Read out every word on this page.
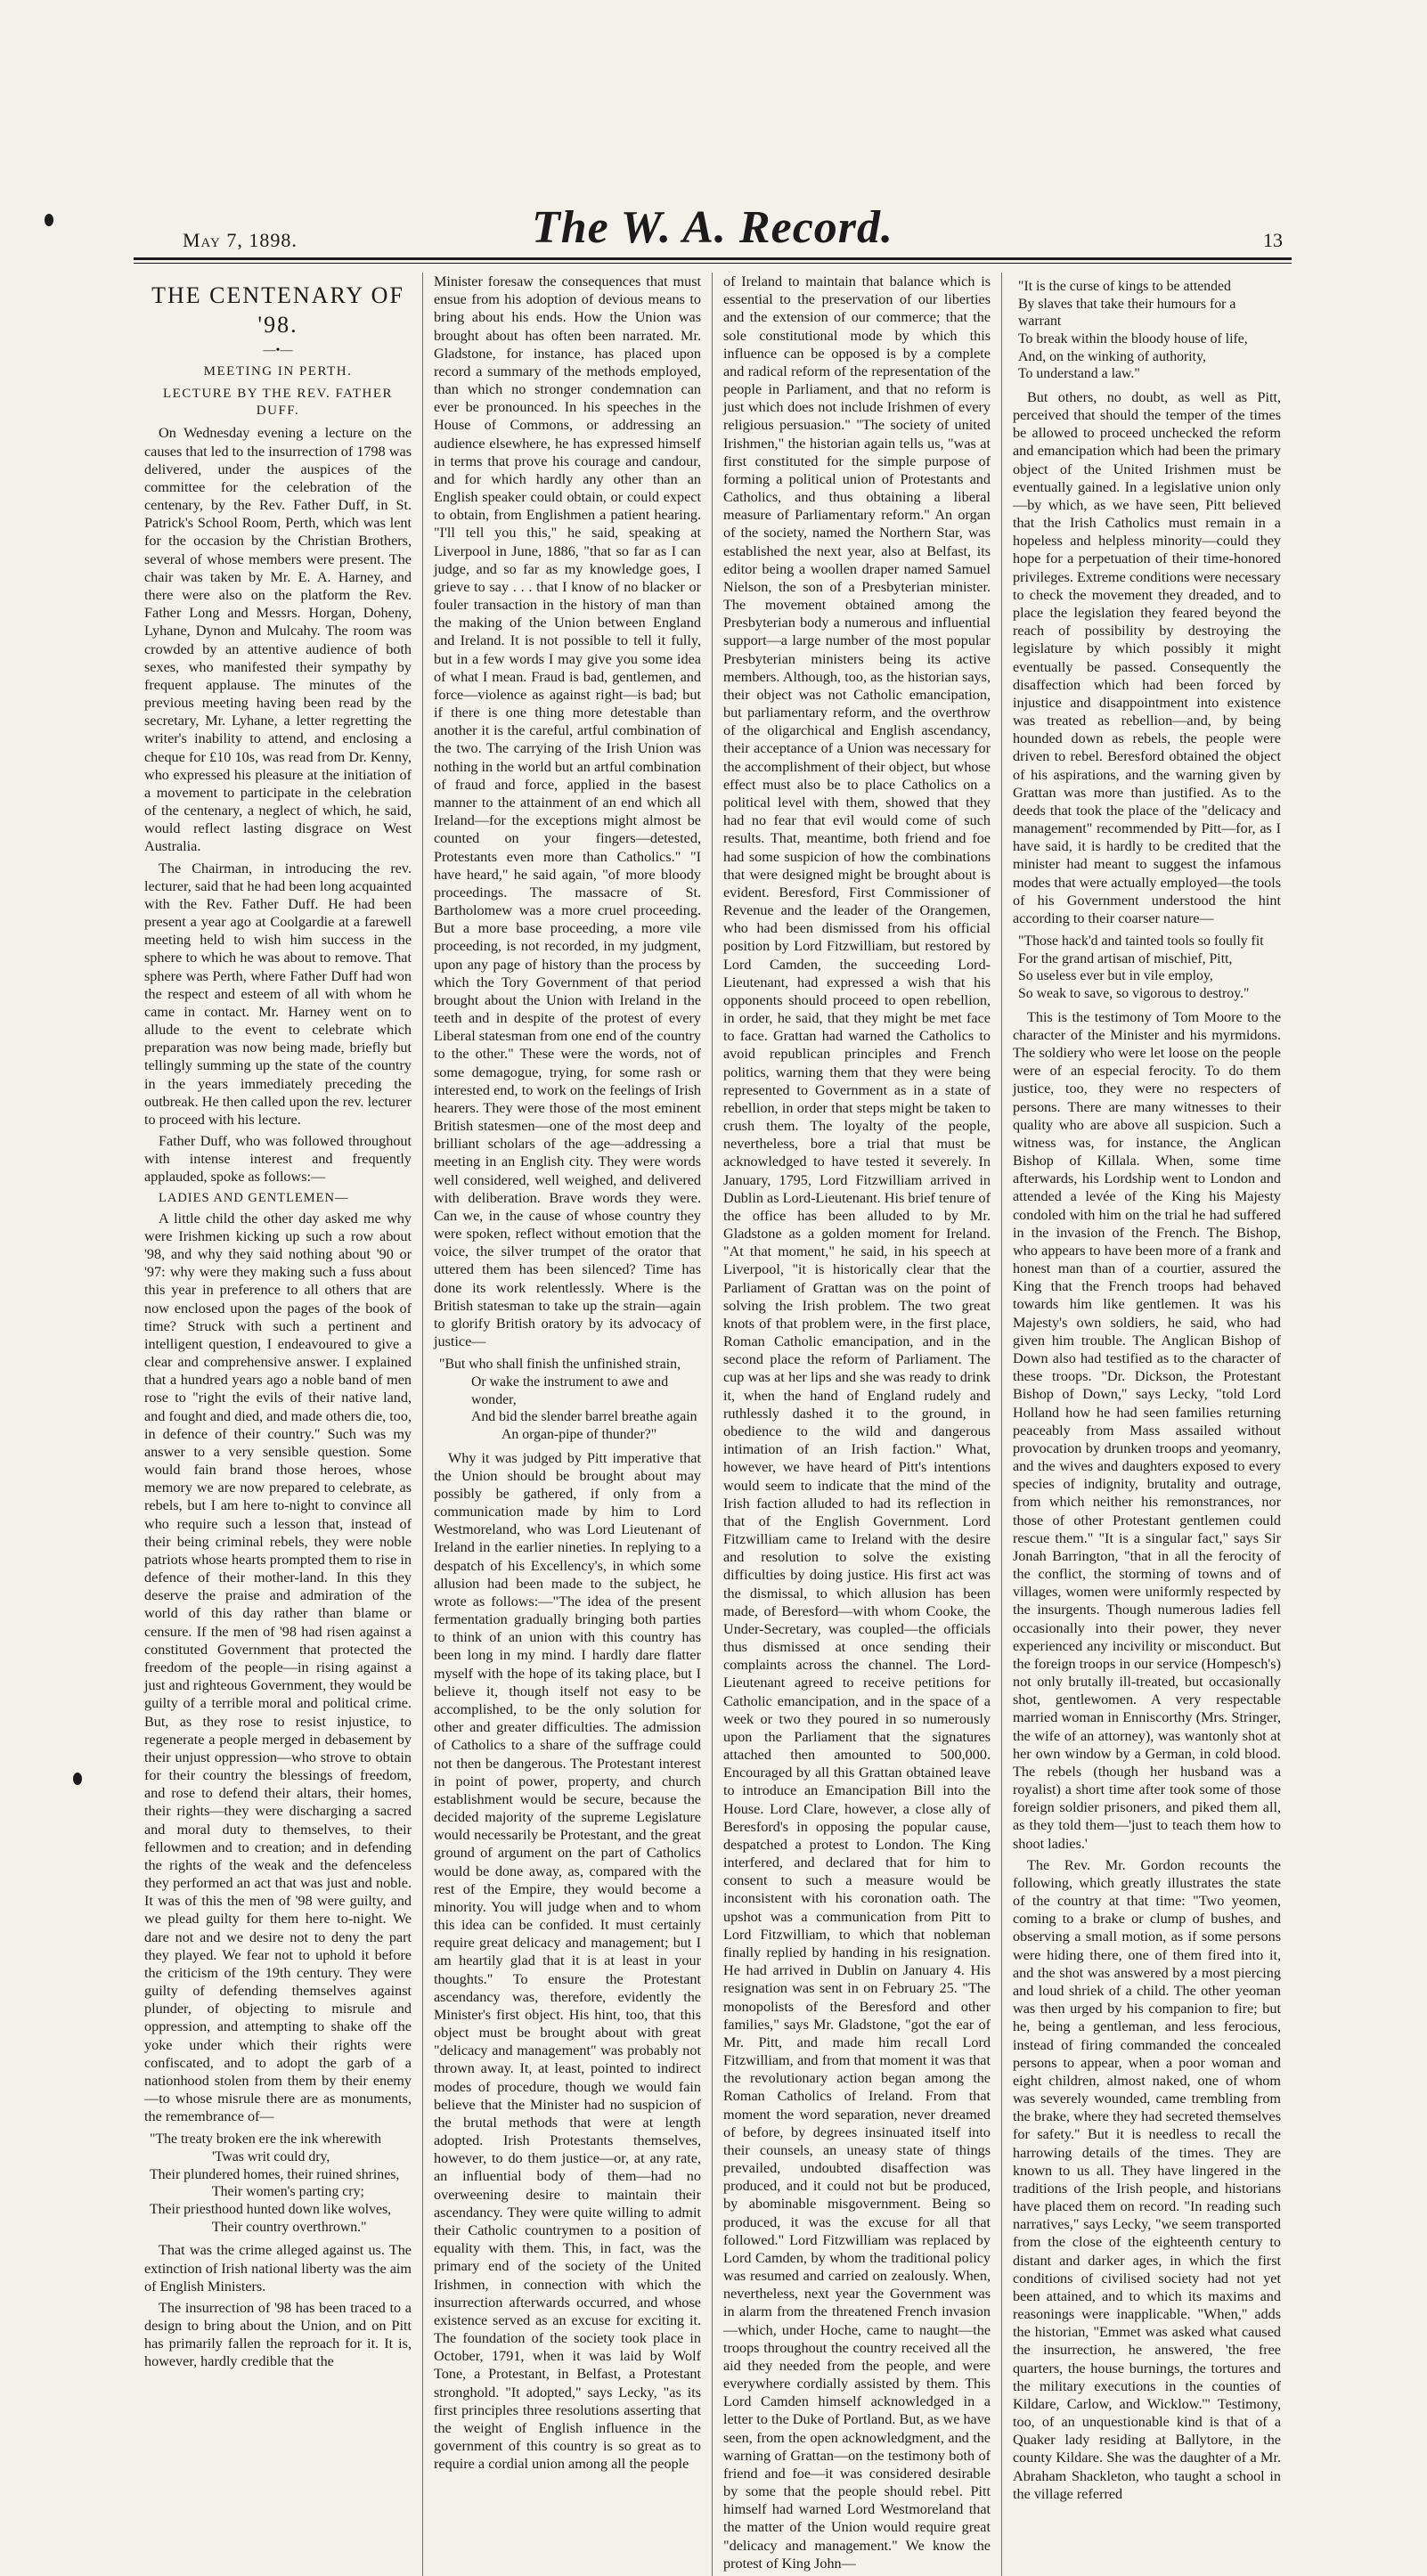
May 7, 1898.	The W. A. Record.	13
THE CENTENARY OF '98.
—•—
MEETING IN PERTH.
LECTURE BY THE REV. FATHER DUFF.

On Wednesday evening a lecture on the causes that led to the insurrection of 1798 was delivered, under the auspices of the committee for the celebration of the centenary, by the Rev. Father Duff, in St. Patrick's School Room, Perth, which was lent for the occasion by the Christian Brothers, several of whose members were present. The chair was taken by Mr. E. A. Harney, and there were also on the platform the Rev. Father Long and Messrs. Horgan, Doheny, Lyhane, Dynon and Mulcahy. The room was crowded by an attentive audience of both sexes, who manifested their sympathy by frequent applause. The minutes of the previous meeting having been read by the secretary, Mr. Lyhane, a letter regretting the writer's inability to attend, and enclosing a cheque for £10 10s, was read from Dr. Kenny, who expressed his pleasure at the initiation of a movement to participate in the celebration of the centenary, a neglect of which, he said, would reflect lasting disgrace on West Australia.

The Chairman, in introducing the rev. lecturer, said that he had been long acquainted with the Rev. Father Duff. He had been present a year ago at Coolgardie at a farewell meeting held to wish him success in the sphere to which he was about to remove. That sphere was Perth, where Father Duff had won the respect and esteem of all with whom he came in contact. Mr. Harney went on to allude to the event to celebrate which preparation was now being made, briefly but tellingly summing up the state of the country in the years immediately preceding the outbreak. He then called upon the rev. lecturer to proceed with his lecture.

Father Duff, who was followed throughout with intense interest and frequently applauded, spoke as follows:—

LADIES AND GENTLEMEN—

A little child the other day asked me why were Irishmen kicking up such a row about '98, and why they said nothing about '90 or '97: why were they making such a fuss about this year in preference to all others that are now enclosed upon the pages of the book of time? Struck with such a pertinent and intelligent question, I endeavoured to give a clear and comprehensive answer. I explained that a hundred years ago a noble band of men rose to "right the evils of their native land, and fought and died, and made others die, too, in defence of their country." Such was my answer to a very sensible question. Some would fain brand those heroes, whose memory we are now prepared to celebrate, as rebels, but I am here to-night to convince all who require such a lesson that, instead of their being criminal rebels, they were noble patriots whose hearts prompted them to rise in defence of their mother-land. In this they deserve the praise and admiration of the world of this day rather than blame or censure. If the men of '98 had risen against a constituted Government that protected the freedom of the people—in rising against a just and righteous Government, they would be guilty of a terrible moral and political crime. But, as they rose to resist injustice, to regenerate a people merged in debasement by their unjust oppression—who strove to obtain for their country the blessings of freedom, and rose to defend their altars, their homes, their rights—they were discharging a sacred and moral duty to themselves, to their fellowmen and to creation; and in defending the rights of the weak and the defenceless they performed an act that was just and noble. It was of this the men of '98 were guilty, and we plead guilty for them here to-night. We dare not and we desire not to deny the part they played. We fear not to uphold it before the criticism of the 19th century. They were guilty of defending themselves against plunder, of objecting to misrule and oppression, and attempting to shake off the yoke under which their rights were confiscated, and to adopt the garb of a nationhood stolen from them by their enemy—to whose misrule there are as monuments, the remembrance of—

"The treaty broken ere the ink wherewith
'Twas writ could dry,
Their plundered homes, their ruined shrines,
Their women's parting cry;
Their priesthood hunted down like wolves,
Their country overthrown."

That was the crime alleged against us. The extinction of Irish national liberty was the aim of English Ministers.

The insurrection of '98 has been traced to a design to bring about the Union, and on Pitt has primarily fallen the reproach for it. It is, however, hardly credible that the

Minister foresaw the consequences that must ensue from his adoption of devious means to bring about his ends. How the Union was brought about has often been narrated. Mr. Gladstone, for instance, has placed upon record a summary of the methods employed, than which no stronger condemnation can ever be pronounced. In his speeches in the House of Commons, or addressing an audience elsewhere, he has expressed himself in terms that prove his courage and candour, and for which hardly any other than an English speaker could obtain, or could expect to obtain, from Englishmen a patient hearing. "I'll tell you this," he said, speaking at Liverpool in June, 1886, "that so far as I can judge, and so far as my knowledge goes, I grieve to say . . . that I know of no blacker or fouler transaction in the history of man than the making of the Union between England and Ireland. It is not possible to tell it fully, but in a few words I may give you some idea of what I mean. Fraud is bad, gentlemen, and force—violence as against right—is bad; but if there is one thing more detestable than another it is the careful, artful combination of the two. The carrying of the Irish Union was nothing in the world but an artful combination of fraud and force, applied in the basest manner to the attainment of an end which all Ireland—for the exceptions might almost be counted on your fingers—detested, Protestants even more than Catholics." "I have heard," he said again, "of more bloody proceedings. The massacre of St. Bartholomew was a more cruel proceeding. But a more base proceeding, a more vile proceeding, is not recorded, in my judgment, upon any page of history than the process by which the Tory Government of that period brought about the Union with Ireland in the teeth and in despite of the protest of every Liberal statesman from one end of the country to the other." These were the words, not of some demagogue, trying, for some rash or interested end, to work on the feelings of Irish hearers. They were those of the most eminent British statesmen—one of the most deep and brilliant scholars of the age—addressing a meeting in an English city. They were words well considered, well weighed, and delivered with deliberation. Brave words they were. Can we, in the cause of whose country they were spoken, reflect without emotion that the voice, the silver trumpet of the orator that uttered them has been silenced? Time has done its work relentlessly. Where is the British statesman to take up the strain—again to glorify British oratory by its advocacy of justice—

"But who shall finish the unfinished strain,
Or wake the instrument to awe and wonder,
And bid the slender barrel breathe again
An organ-pipe of thunder?"

Why it was judged by Pitt imperative that the Union should be brought about may possibly be gathered, if only from a communication made by him to Lord Westmoreland, who was Lord Lieutenant of Ireland in the earlier nineties. In replying to a despatch of his Excellency's, in which some allusion had been made to the subject, he wrote as follows:—"The idea of the present fermentation gradually bringing both parties to think of an union with this country has been long in my mind. I hardly dare flatter myself with the hope of its taking place, but I believe it, though itself not easy to be accomplished, to be the only solution for other and greater difficulties. The admission of Catholics to a share of the suffrage could not then be dangerous. The Protestant interest in point of power, property, and church establishment would be secure, because the decided majority of the supreme Legislature would necessarily be Protestant, and the great ground of argument on the part of Catholics would be done away, as, compared with the rest of the Empire, they would become a minority. You will judge when and to whom this idea can be confided. It must certainly require great delicacy and management; but I am heartily glad that it is at least in your thoughts." To ensure the Protestant ascendancy was, therefore, evidently the Minister's first object. His hint, too, that this object must be brought about with great "delicacy and management" was probably not thrown away. It, at least, pointed to indirect modes of procedure, though we would fain believe that the Minister had no suspicion of the brutal methods that were at length adopted. Irish Protestants themselves, however, to do them justice—or, at any rate, an influential body of them—had no overweening desire to maintain their ascendancy. They were quite willing to admit their Catholic countrymen to a position of equality with them. This, in fact, was the primary end of the society of the United Irishmen, in connection with which the insurrection afterwards occurred, and whose existence served as an excuse for exciting it. The foundation of the society took place in October, 1791, when it was laid by Wolf Tone, a Protestant, in Belfast, a Protestant stronghold. "It adopted," says Lecky, "as its first principles three resolutions asserting that the weight of English influence in the government of this country is so great as to require a cordial union among all the people

of Ireland to maintain that balance which is essential to the preservation of our liberties and the extension of our commerce; that the sole constitutional mode by which this influence can be opposed is by a complete and radical reform of the representation of the people in Parliament, and that no reform is just which does not include Irishmen of every religious persuasion." "The society of united Irishmen," the historian again tells us, "was at first constituted for the simple purpose of forming a political union of Protestants and Catholics, and thus obtaining a liberal measure of Parliamentary reform." An organ of the society, named the Northern Star, was established the next year, also at Belfast, its editor being a woollen draper named Samuel Nielson, the son of a Presbyterian minister. The movement obtained among the Presbyterian body a numerous and influential support—a large number of the most popular Presbyterian ministers being its active members. Although, too, as the historian says, their object was not Catholic emancipation, but parliamentary reform, and the overthrow of the oligarchical and English ascendancy, their acceptance of a Union was necessary for the accomplishment of their object, but whose effect must also be to place Catholics on a political level with them, showed that they had no fear that evil would come of such results. That, meantime, both friend and foe had some suspicion of how the combinations that were designed might be brought about is evident. Beresford, First Commissioner of Revenue and the leader of the Orangemen, who had been dismissed from his official position by Lord Fitzwilliam, but restored by Lord Camden, the succeeding Lord-Lieutenant, had expressed a wish that his opponents should proceed to open rebellion, in order, he said, that they might be met face to face. Grattan had warned the Catholics to avoid republican principles and French politics, warning them that they were being represented to Government as in a state of rebellion, in order that steps might be taken to crush them. The loyalty of the people, nevertheless, bore a trial that must be acknowledged to have tested it severely. In January, 1795, Lord Fitzwilliam arrived in Dublin as Lord-Lieutenant. His brief tenure of the office has been alluded to by Mr. Gladstone as a golden moment for Ireland. "At that moment," he said, in his speech at Liverpool, "it is historically clear that the Parliament of Grattan was on the point of solving the Irish problem. The two great knots of that problem were, in the first place, Roman Catholic emancipation, and in the second place the reform of Parliament. The cup was at her lips and she was ready to drink it, when the hand of England rudely and ruthlessly dashed it to the ground, in obedience to the wild and dangerous intimation of an Irish faction." What, however, we have heard of Pitt's intentions would seem to indicate that the mind of the Irish faction alluded to had its reflection in that of the English Government. Lord Fitzwilliam came to Ireland with the desire and resolution to solve the existing difficulties by doing justice. His first act was the dismissal, to which allusion has been made, of Beresford—with whom Cooke, the Under-Secretary, was coupled—the officials thus dismissed at once sending their complaints across the channel. The Lord-Lieutenant agreed to receive petitions for Catholic emancipation, and in the space of a week or two they poured in so numerously upon the Parliament that the signatures attached then amounted to 500,000. Encouraged by all this Grattan obtained leave to introduce an Emancipation Bill into the House. Lord Clare, however, a close ally of Beresford's in opposing the popular cause, despatched a protest to London. The King interfered, and declared that for him to consent to such a measure would be inconsistent with his coronation oath. The upshot was a communication from Pitt to Lord Fitzwilliam, to which that nobleman finally replied by handing in his resignation. He had arrived in Dublin on January 4. His resignation was sent in on February 25. "The monopolists of the Beresford and other families," says Mr. Gladstone, "got the ear of Mr. Pitt, and made him recall Lord Fitzwilliam, and from that moment it was that the revolutionary action began among the Roman Catholics of Ireland. From that moment the word separation, never dreamed of before, by degrees insinuated itself into their counsels, an uneasy state of things prevailed, undoubted disaffection was produced, and it could not but be produced, by abominable misgovernment. Being so produced, it was the excuse for all that followed." Lord Fitzwilliam was replaced by Lord Camden, by whom the traditional policy was resumed and carried on zealously. When, nevertheless, next year the Government was in alarm from the threatened French invasion—which, under Hoche, came to naught—the troops throughout the country received all the aid they needed from the people, and were everywhere cordially assisted by them. This Lord Camden himself acknowledged in a letter to the Duke of Portland. But, as we have seen, from the open acknowledgment, and the warning of Grattan—on the testimony both of friend and foe—it was considered desirable by some that the people should rebel. Pitt himself had warned Lord Westmoreland that the matter of the Union would require great "delicacy and management." We know the protest of King John—

"It is the curse of kings to be attended
By slaves that take their humours for a warrant
To break within the bloody house of life,
And, on the winking of authority,
To understand a law."

But others, no doubt, as well as Pitt, perceived that should the temper of the times be allowed to proceed unchecked the reform and emancipation which had been the primary object of the United Irishmen must be eventually gained. In a legislative union only—by which, as we have seen, Pitt believed that the Irish Catholics must remain in a hopeless and helpless minority—could they hope for a perpetuation of their time-honored privileges. Extreme conditions were necessary to check the movement they dreaded, and to place the legislation they feared beyond the reach of possibility by destroying the legislature by which possibly it might eventually be passed. Consequently the disaffection which had been forced by injustice and disappointment into existence was treated as rebellion—and, by being hounded down as rebels, the people were driven to rebel. Beresford obtained the object of his aspirations, and the warning given by Grattan was more than justified. As to the deeds that took the place of the "delicacy and management" recommended by Pitt—for, as I have said, it is hardly to be credited that the minister had meant to suggest the infamous modes that were actually employed—the tools of his Government understood the hint according to their coarser nature—

"Those hack'd and tainted tools so foully fit
For the grand artisan of mischief, Pitt,
So useless ever but in vile employ,
So weak to save, so vigorous to destroy."

This is the testimony of Tom Moore to the character of the Minister and his myrmidons. The soldiery who were let loose on the people were of an especial ferocity. To do them justice, too, they were no respecters of persons. There are many witnesses to their quality who are above all suspicion. Such a witness was, for instance, the Anglican Bishop of Killala. When, some time afterwards, his Lordship went to London and attended a levée of the King his Majesty condoled with him on the trial he had suffered in the invasion of the French. The Bishop, who appears to have been more of a frank and honest man than of a courtier, assured the King that the French troops had behaved towards him like gentlemen. It was his Majesty's own soldiers, he said, who had given him trouble. The Anglican Bishop of Down also had testified as to the character of these troops. "Dr. Dickson, the Protestant Bishop of Down," says Lecky, "told Lord Holland how he had seen families returning peaceably from Mass assailed without provocation by drunken troops and yeomanry, and the wives and daughters exposed to every species of indignity, brutality and outrage, from which neither his remonstrances, nor those of other Protestant gentlemen could rescue them." "It is a singular fact," says Sir Jonah Barrington, "that in all the ferocity of the conflict, the storming of towns and of villages, women were uniformly respected by the insurgents. Though numerous ladies fell occasionally into their power, they never experienced any incivility or misconduct. But the foreign troops in our service (Hompesch's) not only brutally ill-treated, but occasionally shot, gentlewomen. A very respectable married woman in Enniscorthy (Mrs. Stringer, the wife of an attorney), was wantonly shot at her own window by a German, in cold blood. The rebels (though her husband was a royalist) a short time after took some of those foreign soldier prisoners, and piked them all, as they told them—'just to teach them how to shoot ladies.'

The Rev. Mr. Gordon recounts the following, which greatly illustrates the state of the country at that time: "Two yeomen, coming to a brake or clump of bushes, and observing a small motion, as if some persons were hiding there, one of them fired into it, and the shot was answered by a most piercing and loud shriek of a child. The other yeoman was then urged by his companion to fire; but he, being a gentleman, and less ferocious, instead of firing commanded the concealed persons to appear, when a poor woman and eight children, almost naked, one of whom was severely wounded, came trembling from the brake, where they had secreted themselves for safety." But it is needless to recall the harrowing details of the times. They are known to us all. They have lingered in the traditions of the Irish people, and historians have placed them on record. "In reading such narratives," says Lecky, "we seem transported from the close of the eighteenth century to distant and darker ages, in which the first conditions of civilised society had not yet been attained, and to which its maxims and reasonings were inapplicable. "When," adds the historian, "Emmet was asked what caused the insurrection, he answered, 'the free quarters, the house burnings, the tortures and the military executions in the counties of Kildare, Carlow, and Wicklow.'" Testimony, too, of an unquestionable kind is that of a Quaker lady residing at Ballytore, in the county Kildare. She was the daughter of a Mr. Abraham Shackleton, who taught a school in the village referred
